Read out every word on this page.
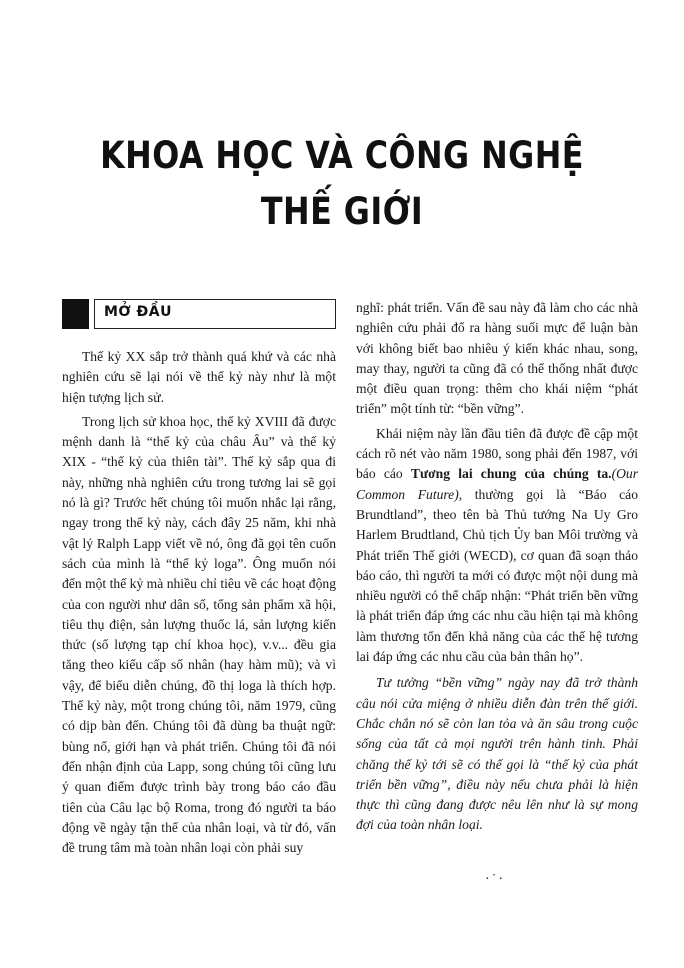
KHOA HỌC VÀ CÔNG NGHỆ
THẾ GIỚI
MỞ ĐẦU

Thế kỷ XX sắp trở thành quá khứ và các nhà nghiên cứu sẽ lại nói về thế kỷ này như là một hiện tượng lịch sử.

Trong lịch sử khoa học, thế kỷ XVIII đã được mệnh danh là “thế kỷ của châu Âu” và thế kỷ XIX - “thế kỷ của thiên tài”. Thế kỷ sắp qua đi này, những nhà nghiên cứu trong tương lai sẽ gọi nó là gì? Trước hết chúng tôi muốn nhắc lại rằng, ngay trong thế kỷ này, cách đây 25 năm, khi nhà vật lý Ralph Lapp viết về nó, ông đã gọi tên cuốn sách của mình là “thế kỷ loga”. Ông muốn nói đến một thế kỷ mà nhiều chỉ tiêu về các hoạt động của con người như dân số, tổng sản phẩm xã hội, tiêu thụ điện, sản lượng thuốc lá, sản lượng kiến thức (số lượng tạp chí khoa học), v.v... đều gia tăng theo kiểu cấp số nhân (hay hàm mũ); và vì vậy, để biểu diễn chúng, đồ thị loga là thích hợp. Thế kỷ này, một trong chúng tôi, năm 1979, cũng có dịp bàn đến. Chúng tôi đã dùng ba thuật ngữ: bùng nổ, giới hạn và phát triển. Chúng tôi đã nói đến nhận định của Lapp, song chúng tôi cũng lưu ý quan điểm được trình bày trong báo cáo đầu tiên của Câu lạc bộ Roma, trong đó người ta báo động về ngày tận thế của nhân loại, và từ đó, vấn đề trung tâm mà toàn nhân loại còn phải suy

nghĩ: phát triển. Vấn đề sau này đã làm cho các nhà nghiên cứu phải đổ ra hàng suối mực để luận bàn với không biết bao nhiêu ý kiến khác nhau, song, may thay, người ta cũng đã có thể thống nhất được một điều quan trọng: thêm cho khái niệm “phát triển” một tính từ: “bền vững”.

Khái niệm này lần đầu tiên đã được đề cập một cách rõ nét vào năm 1980, song phải đến 1987, với báo cáo Tương lai chung của chúng ta.(Our Common Future), thường gọi là “Báo cáo Brundtland”, theo tên bà Thủ tướng Na Uy Gro Harlem Brudtland, Chủ tịch Ủy ban Môi trường và Phát triển Thế giới (WECD), cơ quan đã soạn thảo báo cáo, thì người ta mới có được một nội dung mà nhiều người có thể chấp nhận: “Phát triển bền vững là phát triển đáp ứng các nhu cầu hiện tại mà không làm thương tổn đến khả năng của các thế hệ tương lai đáp ứng các nhu cầu của bản thân họ”.

Tư tưởng “bền vững” ngày nay đã trở thành câu nói cửa miệng ở nhiều diễn đàn trên thế giới. Chắc chắn nó sẽ còn lan tỏa và ăn sâu trong cuộc sống của tất cả mọi người trên hành tinh. Phải chăng thế kỷ tới sẽ có thể gọi là “thế kỷ của phát triển bền vững”, điều này nếu chưa phải là hiện thực thì cũng đang được nêu lên như là sự mong đợi của toàn nhân loại.

·˙·
